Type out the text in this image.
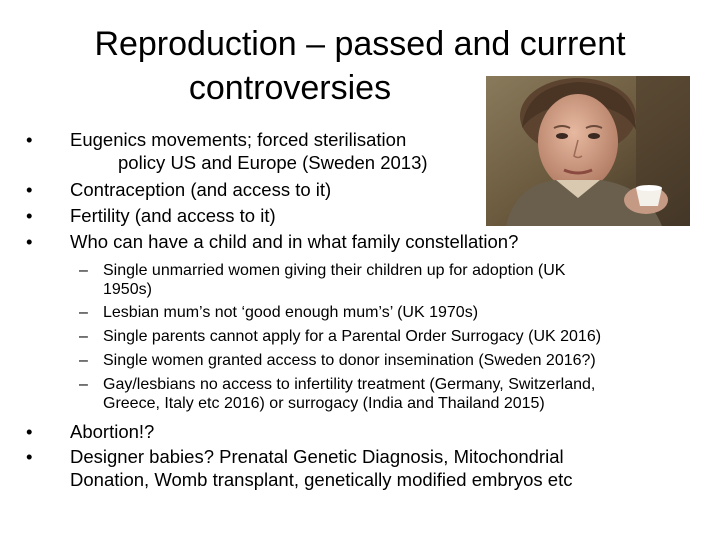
Reproduction – passed and current
controversies
• Eugenics movements; forced sterilisation
policy US and Europe (Sweden 2013)
• Contraception (and access to it)
• Fertility (and access to it)
• Who can have a child and in what family constellation?
– Single unmarried women giving their children up for adoption (UK
1950s)
– Lesbian mum’s not ‘good enough mum’s’ (UK 1970s)
– Single parents cannot apply for a Parental Order Surrogacy (UK 2016)
– Single women granted access to donor insemination (Sweden 2016?)
– Gay/lesbians no access to infertility treatment (Germany, Switzerland,
Greece, Italy etc 2016) or surrogacy (India and Thailand 2015)
• Abortion!?
• Designer babies? Prenatal Genetic Diagnosis, Mitochondrial
Donation, Womb transplant, genetically modified embryos etc
